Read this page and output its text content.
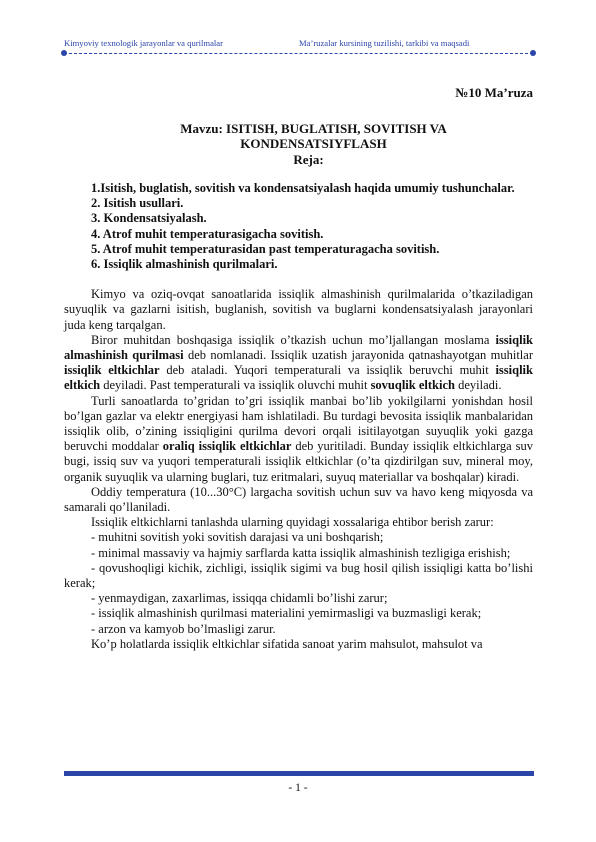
Kimyoviy texnologik jarayonlar va qurilmalar	Ma’ruzalar kursining tuzilishi, tarkibi va maqsadi
№10 Ma’ruza
Mavzu: ISITISH, BUGLATISH, SOVITISH VA
KONDENSATSIYFLASH
Reja:

1.Isitish, buglatish, sovitish va kondensatsiyalash haqida umumiy tushunchalar.

2. Isitish usullari.

3. Kondensatsiyalash.

4. Atrof muhit temperaturasigacha sovitish.

5. Atrof muhit temperaturasidan past temperaturagacha sovitish.

6. Issiqlik almashinish qurilmalari.

Kimyo va oziq-ovqat sanoatlarida issiqlik almashinish qurilmalarida o’tkaziladigan suyuqlik va gazlarni isitish, buglanish, sovitish va buglarni kondensatsiyalash jarayonlari juda keng tarqalgan.

Biror muhitdan boshqasiga issiqlik o’tkazish uchun mo’ljallangan moslama issiqlik almashinish qurilmasi deb nomlanadi. Issiqlik uzatish jarayonida qatnashayotgan muhitlar issiqlik eltkichlar deb ataladi. Yuqori temperaturali va issiqlik beruvchi muhit issiqlik eltkich deyiladi. Past temperaturali va issiqlik oluvchi muhit sovuqlik eltkich deyiladi.

Turli sanoatlarda to’gridan to’gri issiqlik manbai bo’lib yokilgilarni yonishdan hosil bo’lgan gazlar va elektr energiyasi ham ishlatiladi. Bu turdagi bevosita issiqlik manbalaridan issiqlik olib, o’zining issiqligini qurilma devori orqali isitilayotgan suyuqlik yoki gazga beruvchi moddalar oraliq issiqlik eltkichlar deb yuritiladi. Bunday issiqlik eltkichlarga suv bugi, issiq suv va yuqori temperaturali issiqlik eltkichlar (o’ta qizdirilgan suv, mineral moy, organik suyuqlik va ularning buglari, tuz eritmalari, suyuq materiallar va boshqalar) kiradi.

Oddiy temperatura (10...30°C) largacha sovitish uchun suv va havo keng miqyosda va samarali qo’llaniladi.

Issiqlik eltkichlarni tanlashda ularning quyidagi xossalariga ehtibor berish zarur:

- muhitni sovitish yoki sovitish darajasi va uni boshqarish;

- minimal massaviy va hajmiy sarflarda katta issiqlik almashinish tezligiga erishish;

- qovushoqligi kichik, zichligi, issiqlik sigimi va bug hosil qilish issiqligi katta bo’lishi kerak;

- yenmaydigan, zaxarlimas, issiqqa chidamli bo’lishi zarur;

- issiqlik almashinish qurilmasi materialini yemirmasligi va buzmasligi kerak;

- arzon va kamyob bo’lmasligi zarur.

Ko’p holatlarda issiqlik eltkichlar sifatida sanoat yarim mahsulot, mahsulot va

- 1 -
